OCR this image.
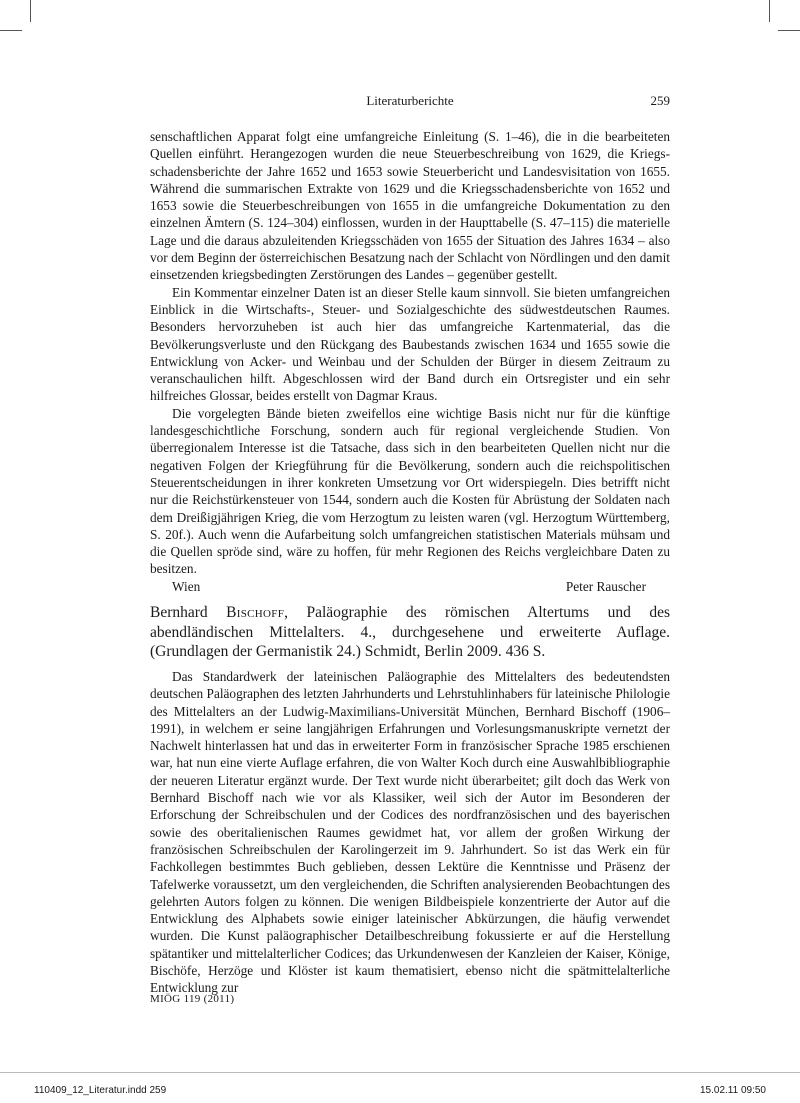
Literaturberichte	259

senschaftlichen Apparat folgt eine umfangreiche Einleitung (S. 1–46), die in die bearbeiteten Quellen einführt. Herangezogen wurden die neue Steuerbeschreibung von 1629, die Kriegsschadensberichte der Jahre 1652 und 1653 sowie Steuerbericht und Landesvisitation von 1655. Während die summarischen Extrakte von 1629 und die Kriegsschadensberichte von 1652 und 1653 sowie die Steuerbeschreibungen von 1655 in die umfangreiche Dokumentation zu den einzelnen Ämtern (S. 124–304) einflossen, wurden in der Haupttabelle (S. 47–115) die materielle Lage und die daraus abzuleitenden Kriegsschäden von 1655 der Situation des Jahres 1634 – also vor dem Beginn der österreichischen Besatzung nach der Schlacht von Nördlingen und den damit einsetzenden kriegsbedingten Zerstörungen des Landes – gegenüber gestellt.

Ein Kommentar einzelner Daten ist an dieser Stelle kaum sinnvoll. Sie bieten umfangreichen Einblick in die Wirtschafts-, Steuer- und Sozialgeschichte des südwestdeutschen Raumes. Besonders hervorzuheben ist auch hier das umfangreiche Kartenmaterial, das die Bevölkerungsverluste und den Rückgang des Baubestands zwischen 1634 und 1655 sowie die Entwicklung von Acker- und Weinbau und der Schulden der Bürger in diesem Zeitraum zu veranschaulichen hilft. Abgeschlossen wird der Band durch ein Ortsregister und ein sehr hilfreiches Glossar, beides erstellt von Dagmar Kraus.

Die vorgelegten Bände bieten zweifellos eine wichtige Basis nicht nur für die künftige landesgeschichtliche Forschung, sondern auch für regional vergleichende Studien. Von überregionalem Interesse ist die Tatsache, dass sich in den bearbeiteten Quellen nicht nur die negativen Folgen der Kriegführung für die Bevölkerung, sondern auch die reichspolitischen Steuerentscheidungen in ihrer konkreten Umsetzung vor Ort widerspiegeln. Dies betrifft nicht nur die Reichstürkensteuer von 1544, sondern auch die Kosten für Abrüstung der Soldaten nach dem Dreißigjährigen Krieg, die vom Herzogtum zu leisten waren (vgl. Herzogtum Württemberg, S. 20f.). Auch wenn die Aufarbeitung solch umfangreichen statistischen Materials mühsam und die Quellen spröde sind, wäre zu hoffen, für mehr Regionen des Reichs vergleichbare Daten zu besitzen.

Wien	Peter Rauscher

Bernhard Bischoff, Paläographie des römischen Altertums und des abendländischen Mittelalters. 4., durchgesehene und erweiterte Auflage. (Grundlagen der Germanistik 24.) Schmidt, Berlin 2009. 436 S.

Das Standardwerk der lateinischen Paläographie des Mittelalters des bedeutendsten deutschen Paläographen des letzten Jahrhunderts und Lehrstuhlinhabers für lateinische Philologie des Mittelalters an der Ludwig-Maximilians-Universität München, Bernhard Bischoff (1906–1991), in welchem er seine langjährigen Erfahrungen und Vorlesungsmanuskripte vernetzt der Nachwelt hinterlassen hat und das in erweiterter Form in französischer Sprache 1985 erschienen war, hat nun eine vierte Auflage erfahren, die von Walter Koch durch eine Auswahlbibliographie der neueren Literatur ergänzt wurde. Der Text wurde nicht überarbeitet; gilt doch das Werk von Bernhard Bischoff nach wie vor als Klassiker, weil sich der Autor im Besonderen der Erforschung der Schreibschulen und der Codices des nordfranzösischen und des bayerischen sowie des oberitalienischen Raumes gewidmet hat, vor allem der großen Wirkung der französischen Schreibschulen der Karolingerzeit im 9. Jahrhundert. So ist das Werk ein für Fachkollegen bestimmtes Buch geblieben, dessen Lektüre die Kenntnisse und Präsenz der Tafelwerke voraussetzt, um den vergleichenden, die Schriften analysierenden Beobachtungen des gelehrten Autors folgen zu können. Die wenigen Bildbeispiele konzentrierte der Autor auf die Entwicklung des Alphabets sowie einiger lateinischer Abkürzungen, die häufig verwendet wurden. Die Kunst paläographischer Detailbeschreibung fokussierte er auf die Herstellung spätantiker und mittelalterlicher Codices; das Urkundenwesen der Kanzleien der Kaiser, Könige, Bischöfe, Herzöge und Klöster ist kaum thematisiert, ebenso nicht die spätmittelalterliche Entwicklung zur

MIÖG 119 (2011)
110409_12_Literatur.indd 259	15.02.11 09:50
